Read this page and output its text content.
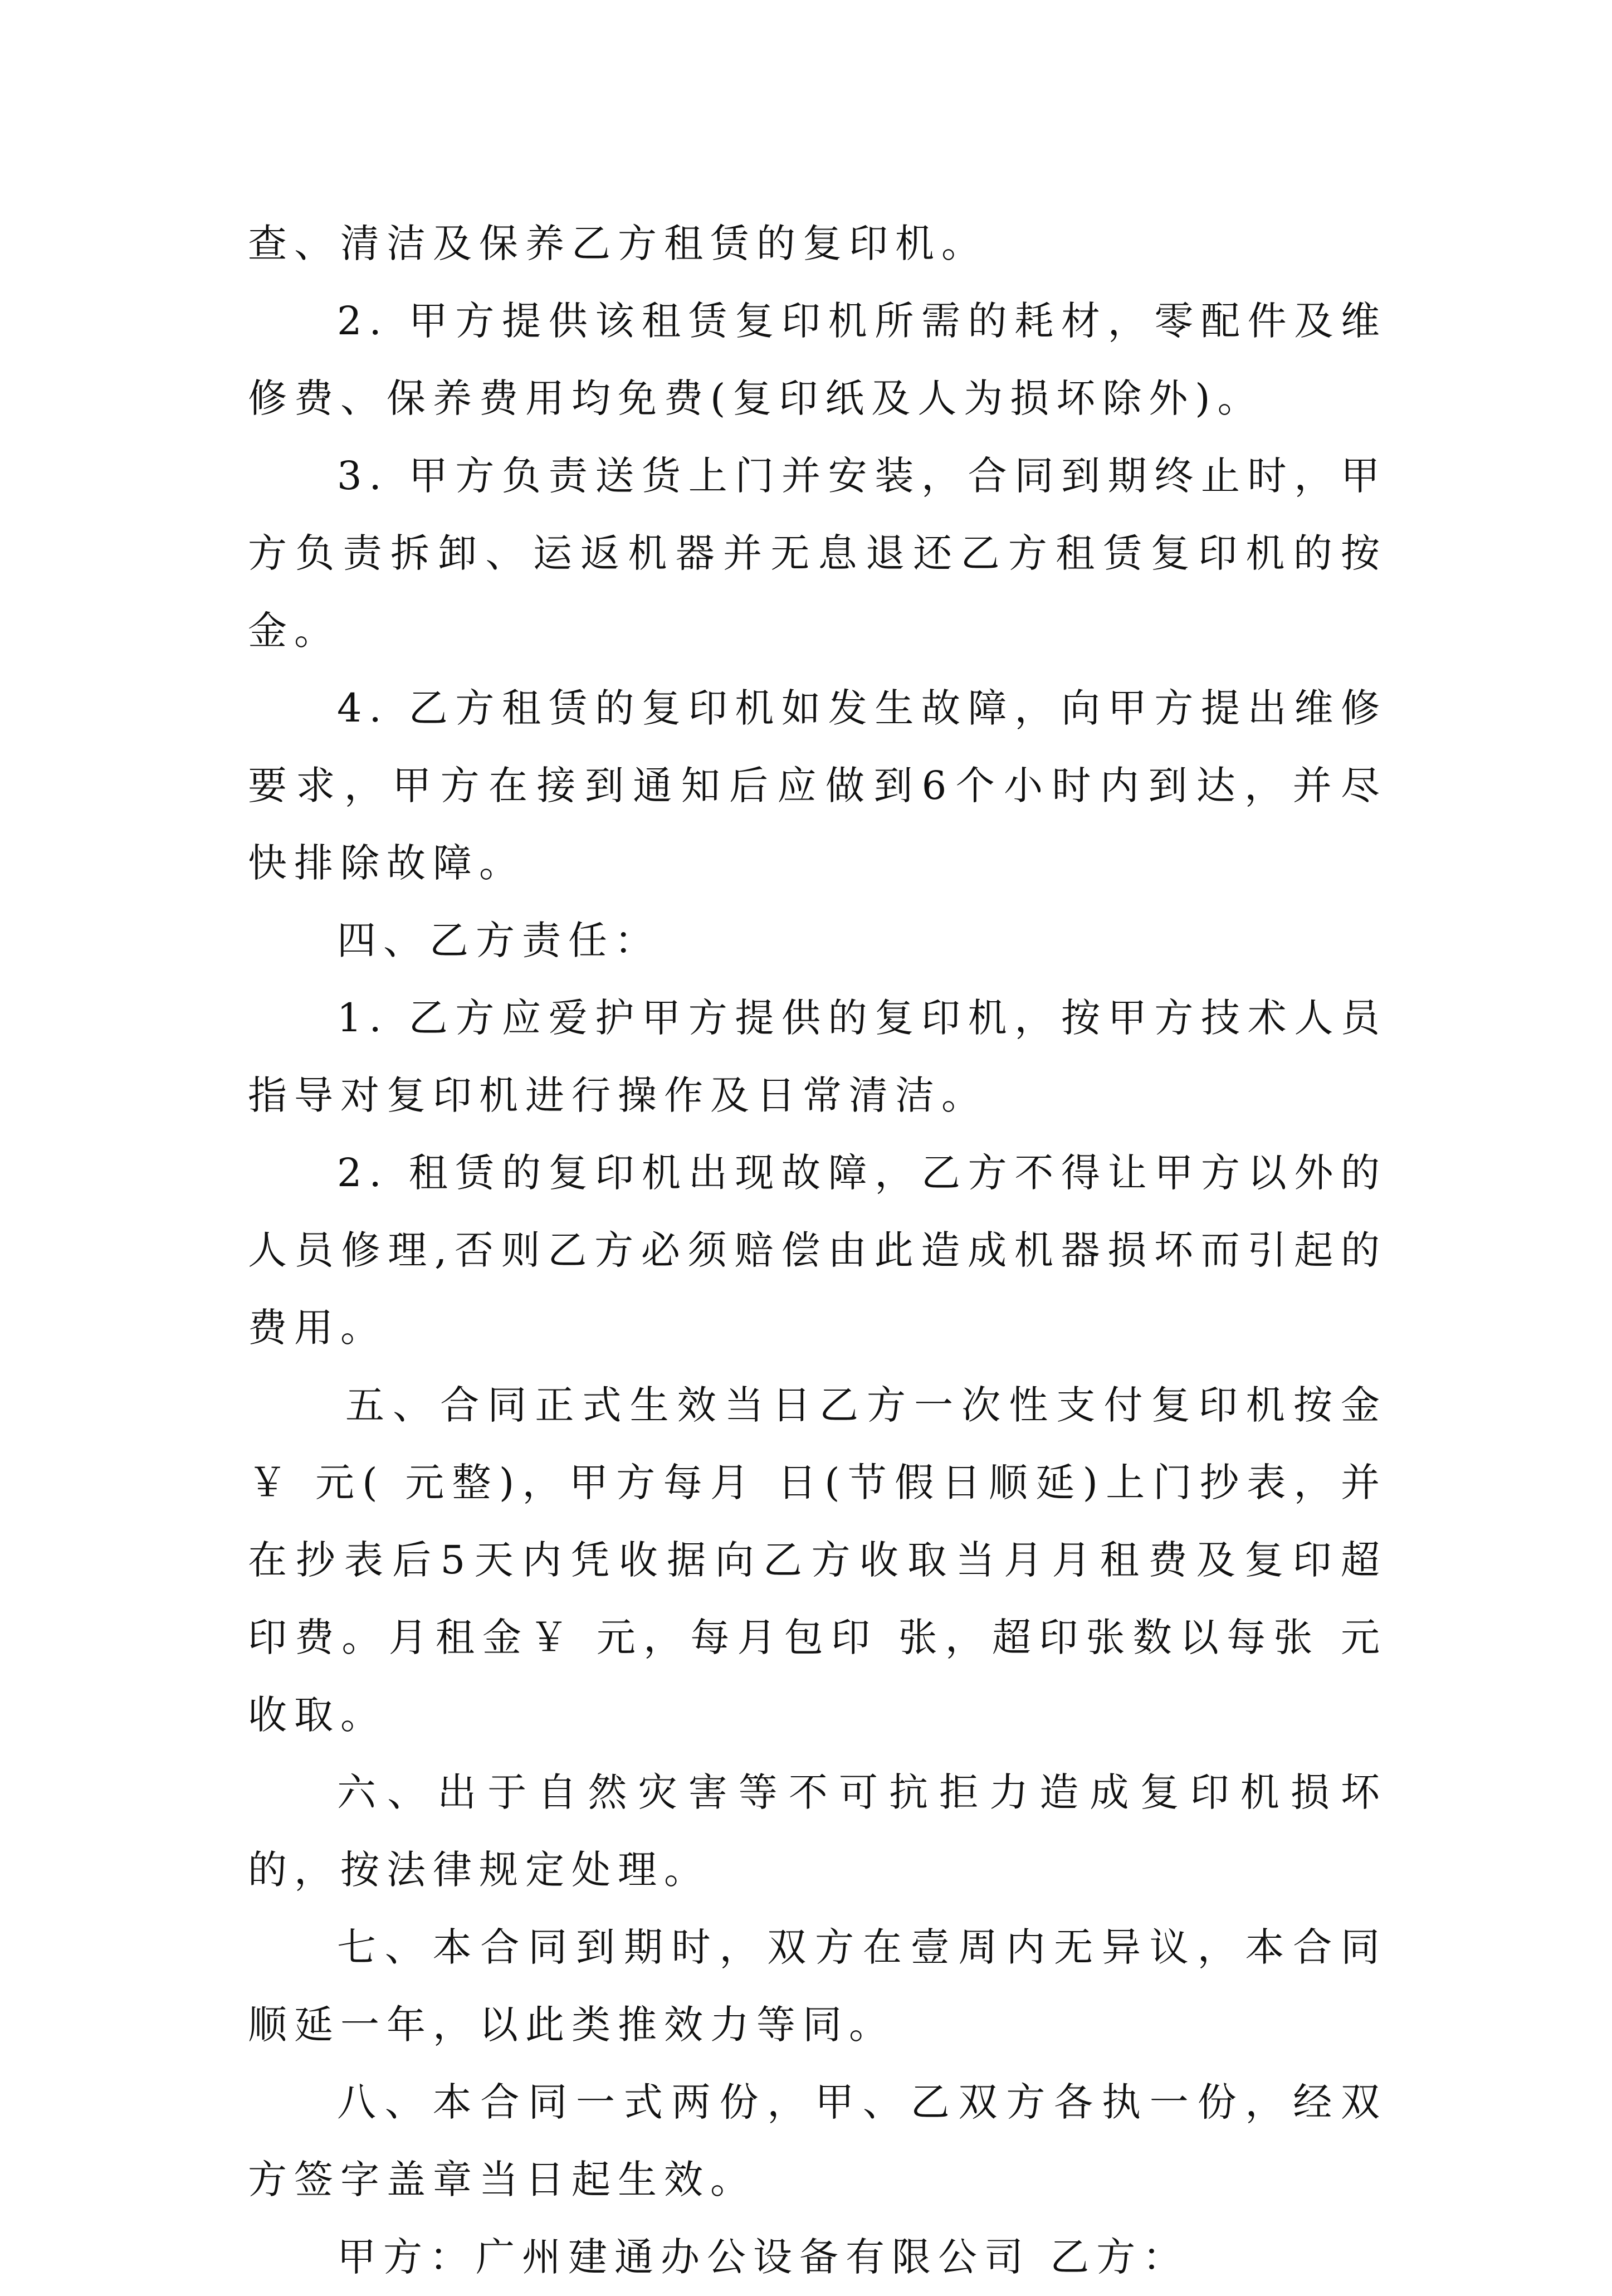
查、清洁及保养乙方租赁的复印机。

2. 甲方提供该租赁复印机所需的耗材，零配件及维修费、保养费用均免费(复印纸及人为损坏除外)。

3. 甲方负责送货上门并安装，合同到期终止时，甲方负责拆卸、运返机器并无息退还乙方租赁复印机的按金。

4. 乙方租赁的复印机如发生故障，向甲方提出维修要求，甲方在接到通知后应做到6个小时内到达，并尽快排除故障。

四、乙方责任：

1. 乙方应爱护甲方提供的复印机，按甲方技术人员指导对复印机进行操作及日常清洁。

2. 租赁的复印机出现故障，乙方不得让甲方以外的人员修理,否则乙方必须赔偿由此造成机器损坏而引起的费用。

五、合同正式生效当日乙方一次性支付复印机按金￥ 元( 元整)，甲方每月 日(节假日顺延)上门抄表，并在抄表后5天内凭收据向乙方收取当月月租费及复印超印费。月租金￥ 元，每月包印 张，超印张数以每张 元收取。

六、出于自然灾害等不可抗拒力造成复印机损坏的，按法律规定处理。

七、本合同到期时，双方在壹周内无异议，本合同顺延一年，以此类推效力等同。

八、本合同一式两份，甲、乙双方各执一份，经双方签字盖章当日起生效。

甲方：广州建通办公设备有限公司 乙方：
